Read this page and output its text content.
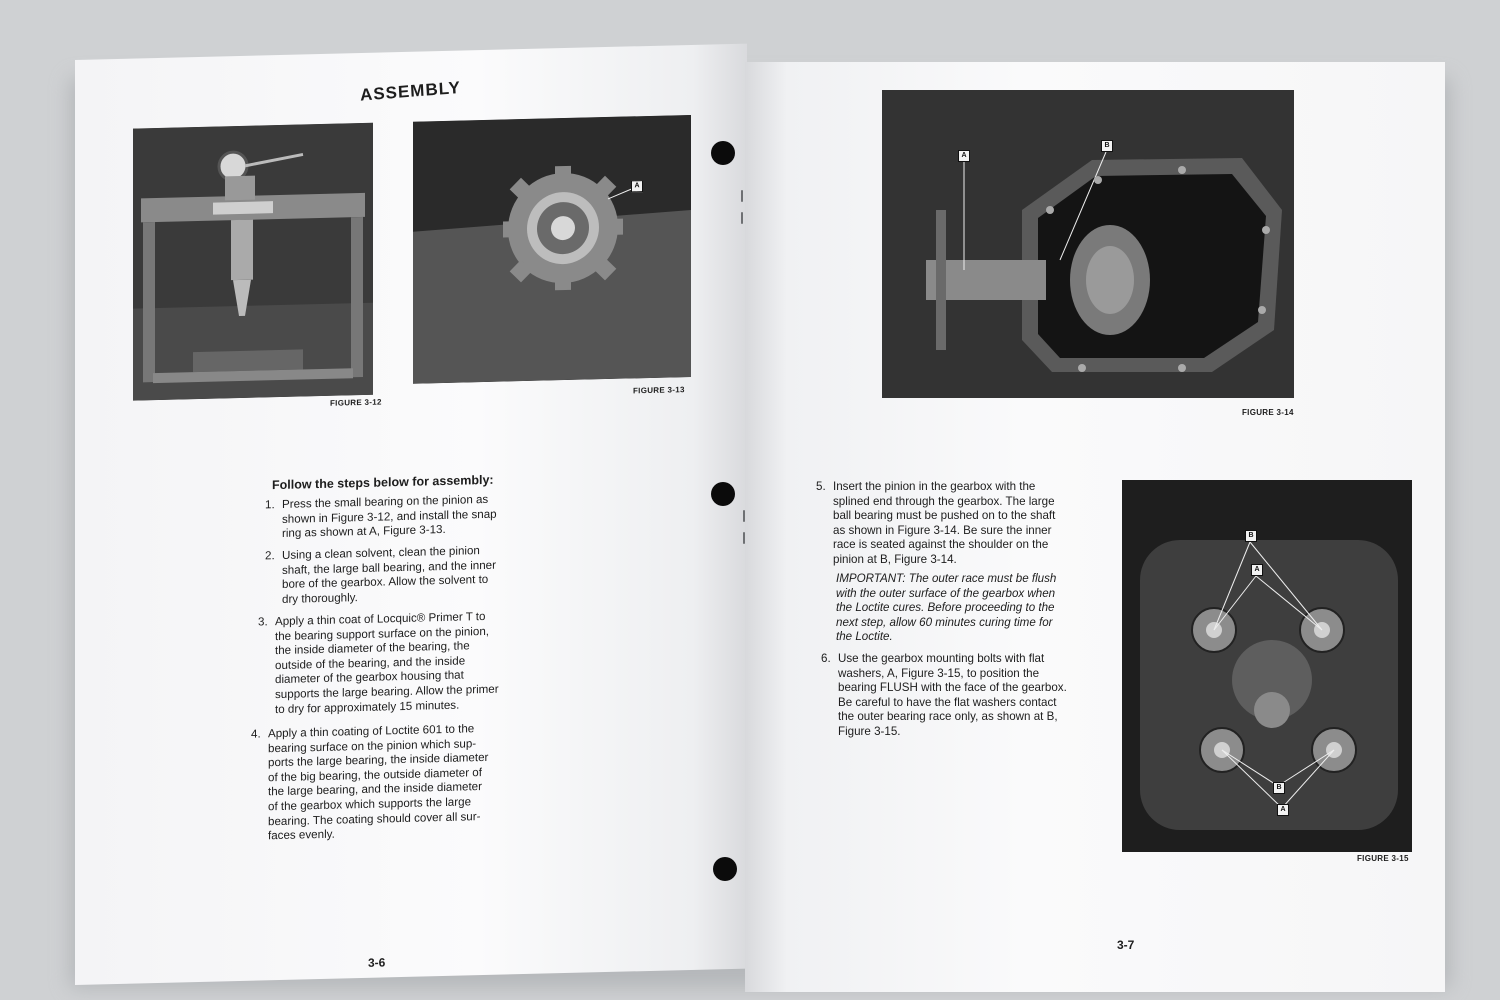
ASSEMBLY
FIGURE 3-12
A
FIGURE 3-13
Follow the steps below for assembly:
1. Press the small bearing on the pinion as
shown in Figure 3-12, and install the snap
ring as shown at A, Figure 3-13.
2. Using a clean solvent, clean the pinion
shaft, the large ball bearing, and the inner
bore of the gearbox. Allow the solvent to
dry thoroughly.
3. Apply a thin coat of Locquic® Primer T to
the bearing support surface on the pinion,
the inside diameter of the bearing, the
outside of the bearing, and the inside
diameter of the gearbox housing that
supports the large bearing. Allow the primer
to dry for approximately 15 minutes.
4. Apply a thin coating of Loctite 601 to the
bearing surface on the pinion which sup-
ports the large bearing, the inside diameter
of the big bearing, the outside diameter of
the large bearing, and the inside diameter
of the gearbox which supports the large
bearing. The coating should cover all sur-
faces evenly.
3-6
A
B
FIGURE 3-14
B
A
B
A
FIGURE 3-15
5. Insert the pinion in the gearbox with the
splined end through the gearbox. The large
ball bearing must be pushed on to the shaft
as shown in Figure 3-14. Be sure the inner
race is seated against the shoulder on the
pinion at B, Figure 3-14.
IMPORTANT: The outer race must be flush
with the outer surface of the gearbox when
the Loctite cures. Before proceeding to the
next step, allow 60 minutes curing time for
the Loctite.
6. Use the gearbox mounting bolts with flat
washers, A, Figure 3-15, to position the
bearing FLUSH with the face of the gearbox.
Be careful to have the flat washers contact
the outer bearing race only, as shown at B,
Figure 3-15.
3-7
